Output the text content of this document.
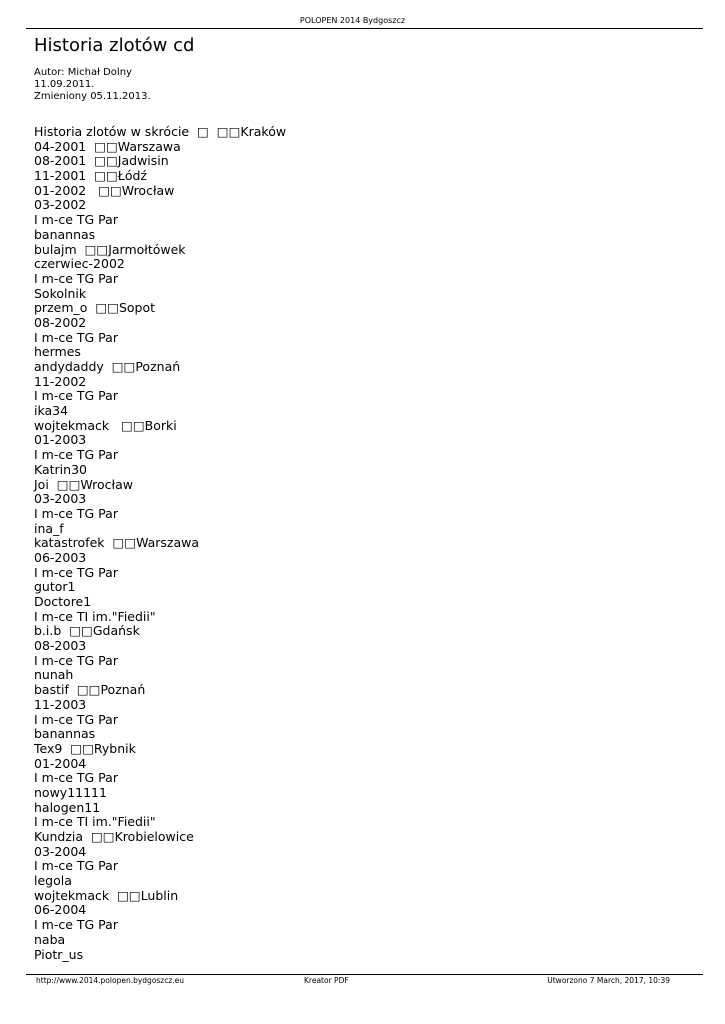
POLOPEN 2014 Bydgoszcz
Historia zlotów cd
Autor: Michał Dolny
11.09.2011.
Zmieniony 05.11.2013.
Historia zlotów w skrócie  □  □□Kraków
04-2001  □□Warszawa
08-2001  □□Jadwisin
11-2001  □□Łódź
01-2002   □□Wrocław
03-2002
I m-ce TG Par
banannas
bulajm  □□Jarmołtówek
czerwiec-2002
I m-ce TG Par
Sokolnik
przem_o  □□Sopot
08-2002
I m-ce TG Par
hermes
andydaddy  □□Poznań
11-2002
I m-ce TG Par
ika34
wojtekmack   □□Borki
01-2003
I m-ce TG Par
Katrin30
Joi  □□Wrocław
03-2003
I m-ce TG Par
ina_f
katastrofek  □□Warszawa
06-2003
I m-ce TG Par
gutor1
Doctore1
I m-ce TI im."Fiedii"
b.i.b  □□Gdańsk
08-2003
I m-ce TG Par
nunah
bastif  □□Poznań
11-2003
I m-ce TG Par
banannas
Tex9  □□Rybnik
01-2004
I m-ce TG Par
nowy11111
halogen11
I m-ce TI im."Fiedii"
Kundzia  □□Krobielowice
03-2004
I m-ce TG Par
legola
wojtekmack  □□Lublin
06-2004
I m-ce TG Par
naba
Piotr_us
http://www.2014.polopen.bydgoszcz.eu	Kreator PDF	Utworzono 7 March, 2017, 10:39
